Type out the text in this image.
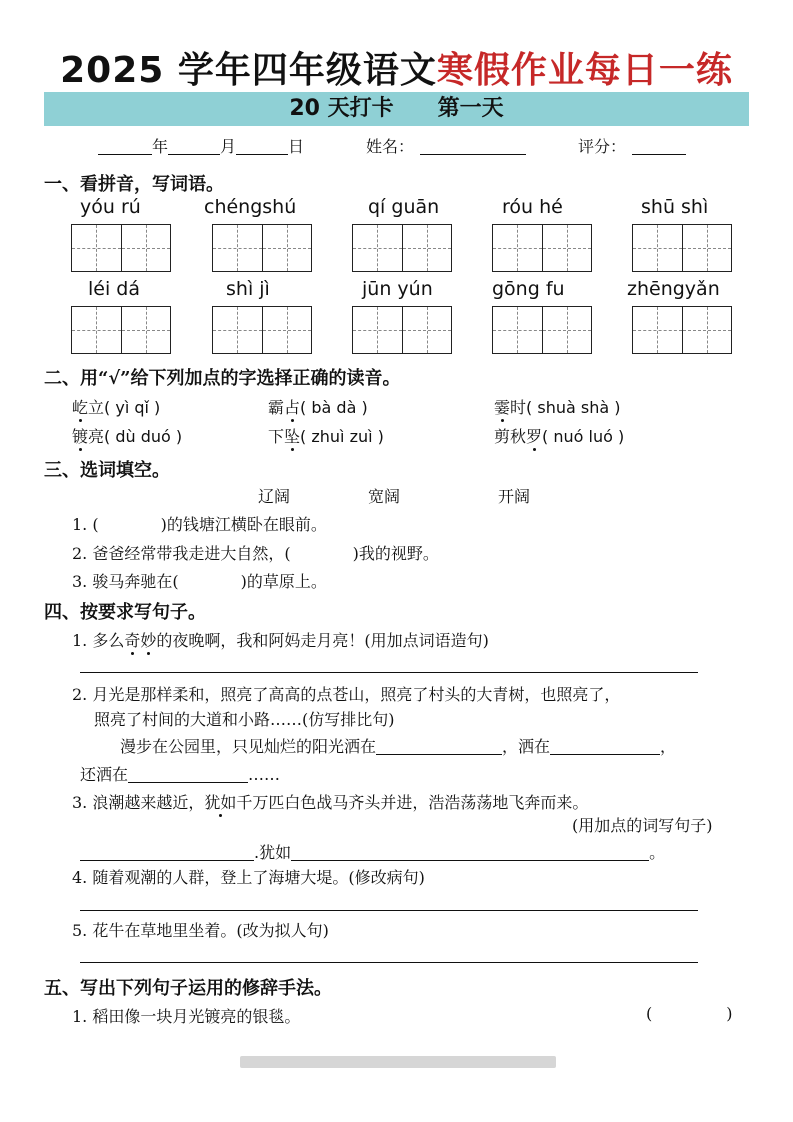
2025 学年四年级语文寒假作业每日一练
20 天打卡 第一天
年	月	日	姓名：	评分：
一、看拼音，写词语。
yóu rú	chéngshú	qí guān	róu hé	shū shì
léi dá	shì jì	jūn yún	gōng fu	zhēngyǎn
二、用“√”给下列加点的字选择正确的读音。
屹立( yì qǐ )	霸占( bà dà )	霎时( shuà shà )
镀亮( dù duó )	下坠( zhuì zuì )	剪秋罗( nuó luó )
三、选词填空。
辽阔	宽阔	开阔
1. (	)的钱塘江横卧在眼前。
2. 爸爸经常带我走进大自然，(	)我的视野。
3. 骏马奔驰在(	)的草原上。
四、按要求写句子。
1. 多么奇妙的夜晚啊，我和阿妈走月亮！(用加点词语造句)
2. 月光是那样柔和，照亮了高高的点苍山，照亮了村头的大青树，也照亮了，
照亮了村间的大道和小路……(仿写排比句)
漫步在公园里，只见灿烂的阳光洒在	，洒在	，
还洒在	……
3. 浪潮越来越近，犹如千万匹白色战马齐头并进，浩浩荡荡地飞奔而来。
(用加点的词写句子)
.犹如	。
4. 随着观潮的人群，登上了海塘大堤。(修改病句)
5. 花牛在草地里坐着。(改为拟人句)
五、写出下列句子运用的修辞手法。
1. 稻田像一块月光镀亮的银毯。	(	)
